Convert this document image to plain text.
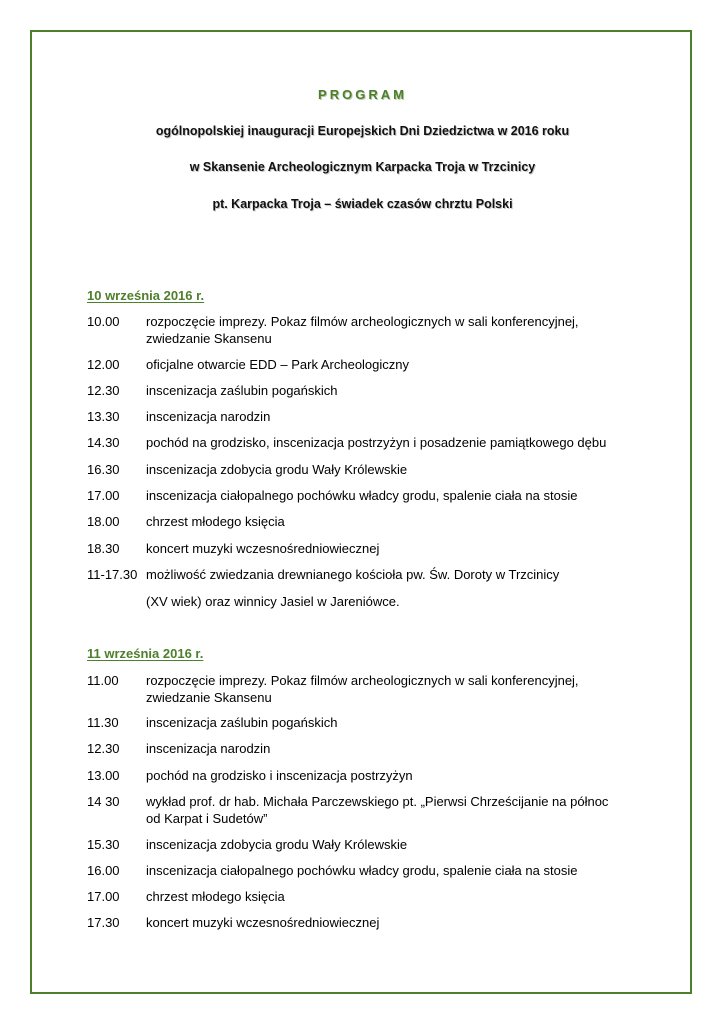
PROGRAM
ogólnopolskiej inauguracji Europejskich Dni Dziedzictwa w 2016 roku
w Skansenie Archeologicznym Karpacka Troja w Trzcinicy
pt. Karpacka Troja – świadek czasów chrztu Polski
10 września 2016 r.
10.00 rozpoczęcie imprezy. Pokaz filmów archeologicznych w sali konferencyjnej,
zwiedzanie Skansenu
12.00 oficjalne otwarcie EDD – Park Archeologiczny
12.30 inscenizacja zaślubin pogańskich
13.30 inscenizacja narodzin
14.30 pochód na grodzisko, inscenizacja postrzyżyn i posadzenie pamiątkowego dębu
16.30 inscenizacja zdobycia grodu Wały Królewskie
17.00 inscenizacja ciałopalnego pochówku władcy grodu, spalenie ciała na stosie
18.00 chrzest młodego księcia
18.30 koncert muzyki wczesnośredniowiecznej
11-17.30 możliwość zwiedzania drewnianego kościoła pw. Św. Doroty w Trzcinicy
(XV wiek) oraz winnicy Jasiel w Jareniówce.
11 września 2016 r.
11.00 rozpoczęcie imprezy. Pokaz filmów archeologicznych w sali konferencyjnej,
zwiedzanie Skansenu
11.30 inscenizacja zaślubin pogańskich
12.30 inscenizacja narodzin
13.00 pochód na grodzisko i inscenizacja postrzyżyn
14 30 wykład prof. dr hab. Michała Parczewskiego pt. „Pierwsi Chrześcijanie na północ
od Karpat i Sudetów”
15.30 inscenizacja zdobycia grodu Wały Królewskie
16.00 inscenizacja ciałopalnego pochówku władcy grodu, spalenie ciała na stosie
17.00 chrzest młodego księcia
17.30 koncert muzyki wczesnośredniowiecznej
